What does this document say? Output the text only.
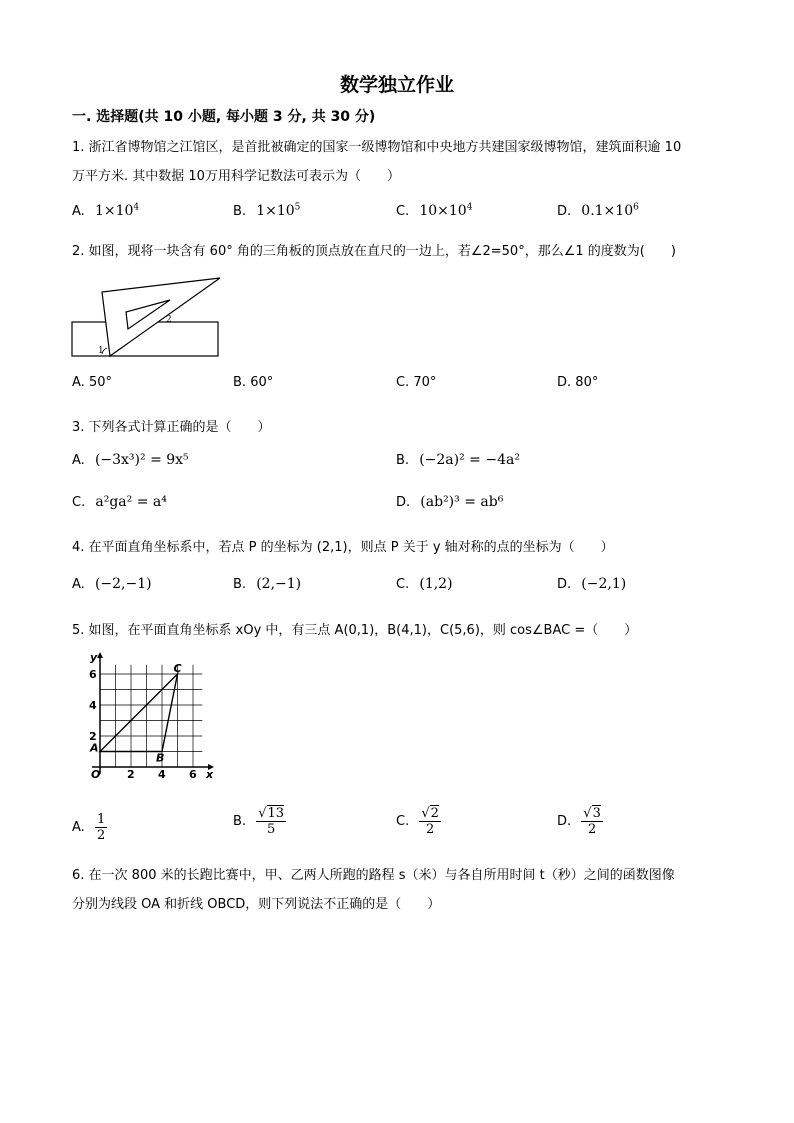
数学独立作业
一. 选择题(共 10 小题, 每小题 3 分, 共 30 分)
1. 浙江省博物馆之江馆区，是首批被确定的国家一级博物馆和中央地方共建国家级博物馆，建筑面积逾 10
万平方米. 其中数据 10万用科学记数法可表示为（　　）
A. $1\times 10^4$	B. $1\times 10^5$	C. $10\times 10^4$	D. $0.1\times 10^6$
2. 如图，现将一块含有 60° 角的三角板的顶点放在直尺的一边上，若∠2=50°，那么∠1 的度数为(　　)
1
2
A. 50°	B. 60°	C. 70°	D. 80°
3. 下列各式计算正确的是（　　）
A. (−3x³)² = 9x⁵	B. (−2a)² = −4a²
C. a²ga² = a⁴	D. (ab²)³ = ab⁶
4. 在平面直角坐标系中，若点 P 的坐标为 (2,1)，则点 P 关于 y 轴对称的点的坐标为（　　）
A. (−2,−1)	B. (2,−1)	C. (1,2)	D. (−2,1)
5. 如图，在平面直角坐标系 xOy 中，有三点 A(0,1)，B(4,1)，C(5,6)，则 cos∠BAC =（　　）
x
y
O 2 4 6
2
4
6
A
B
C
A. $\frac{1}{2}$	B. $\frac{√13}{5}$	C. $\frac{√2}{2}$	D. $\frac{√3}{2}$
6. 在一次 800 米的长跑比赛中，甲、乙两人所跑的路程 s（米）与各自所用时间 t（秒）之间的函数图像
分别为线段 OA 和折线 OBCD，则下列说法不正确的是（　　）
